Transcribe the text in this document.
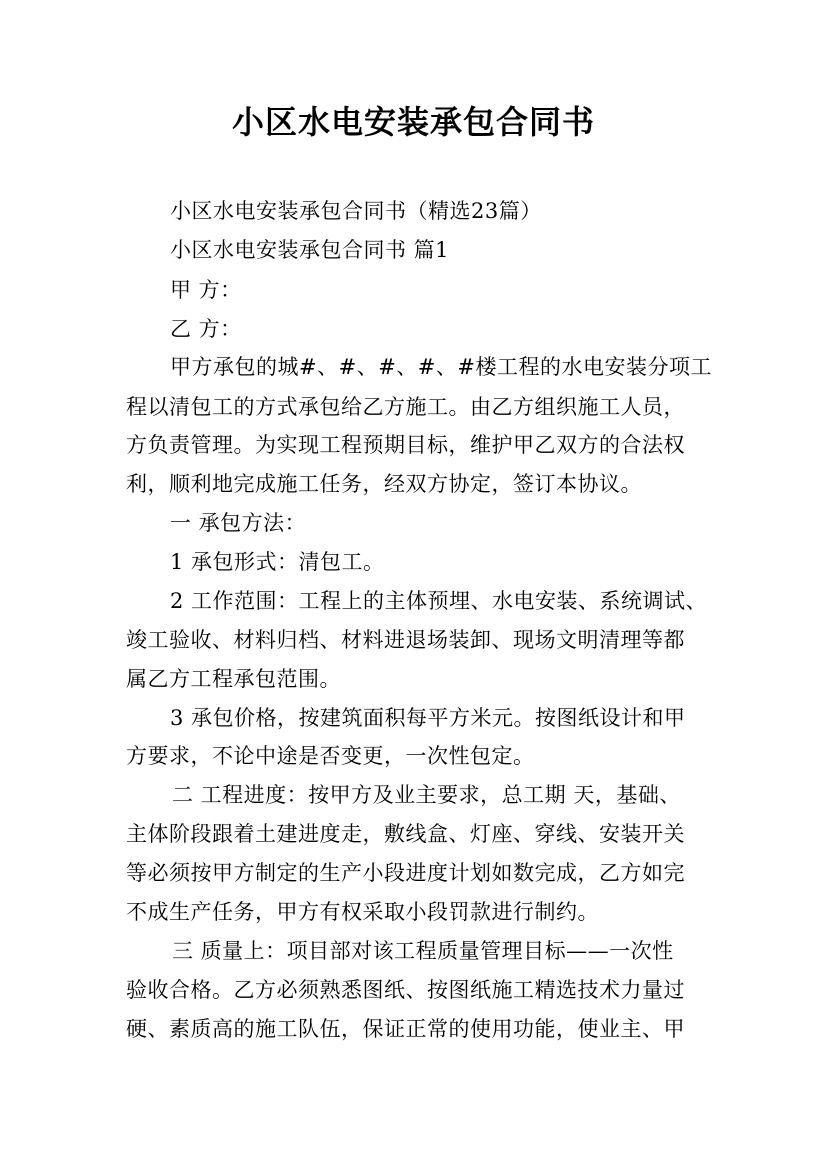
小区水电安装承包合同书
小区水电安装承包合同书（精选23篇）
小区水电安装承包合同书 篇1
甲 方：
乙 方：
甲方承包的城#、#、#、#、#楼工程的水电安装分项工
程以清包工的方式承包给乙方施工。由乙方组织施工人员，
方负责管理。为实现工程预期目标，维护甲乙双方的合法权
利，顺利地完成施工任务，经双方协定，签订本协议。
一 承包方法：
1 承包形式：清包工。
2 工作范围：工程上的主体预埋、水电安装、系统调试、
竣工验收、材料归档、材料进退场装卸、现场文明清理等都
属乙方工程承包范围。
3 承包价格，按建筑面积每平方米元。按图纸设计和甲
方要求，不论中途是否变更，一次性包定。
二 工程进度：按甲方及业主要求，总工期 天，基础、
主体阶段跟着土建进度走，敷线盒、灯座、穿线、安装开关
等必须按甲方制定的生产小段进度计划如数完成，乙方如完
不成生产任务，甲方有权采取小段罚款进行制约。
三 质量上：项目部对该工程质量管理目标——一次性
验收合格。乙方必须熟悉图纸、按图纸施工精选技术力量过
硬、素质高的施工队伍，保证正常的使用功能，使业主、甲
